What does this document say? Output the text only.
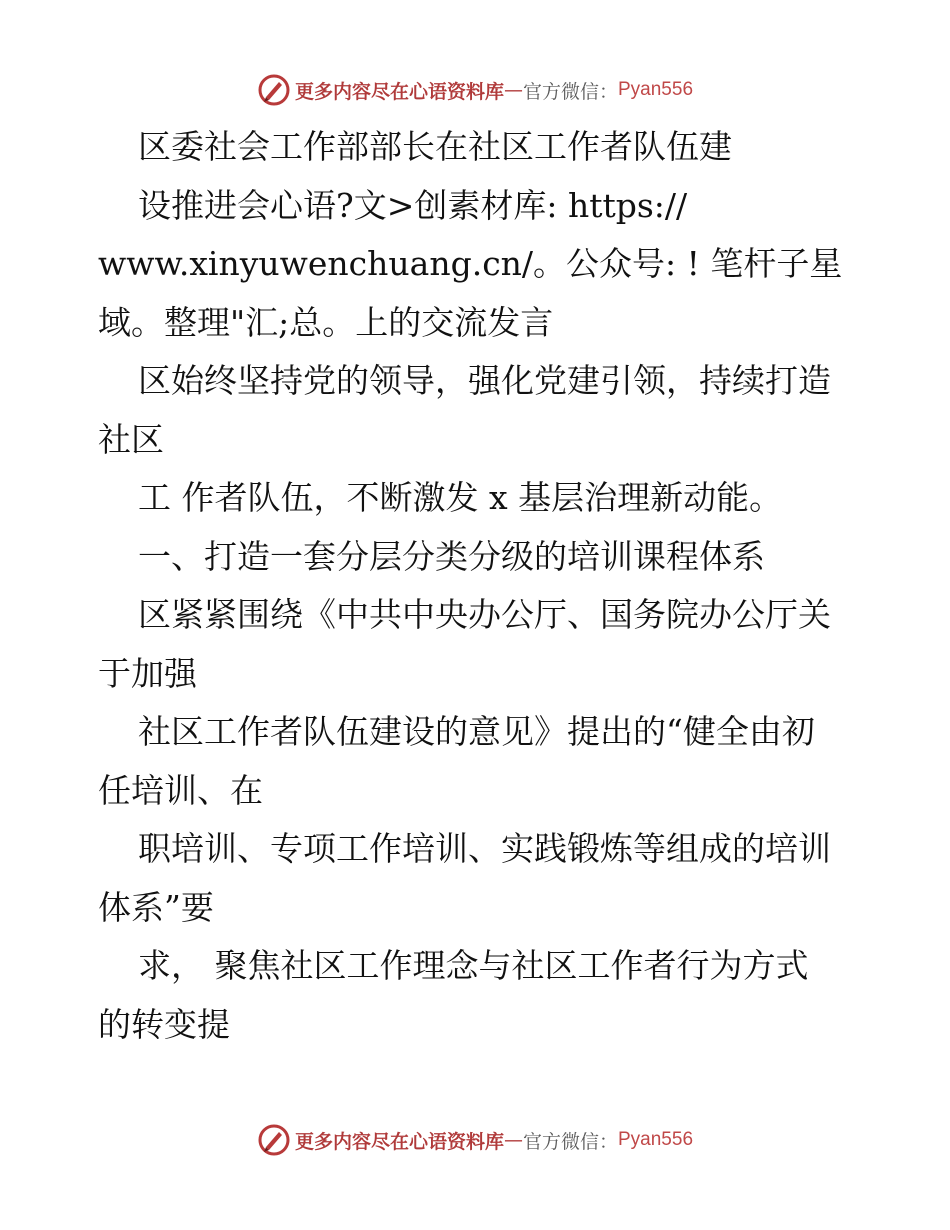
更多内容尽在心语资料库 — 官方微信： Pyan556
区委社会工作部部长在社区工作者队伍建
设推进会心语?文>创素材库: https://
www.xinyuwenchuang.cn/。公众号: ! 笔杆子星
域。整理"汇;总。上的交流发言
区始终坚持党的领导，强化党建引领，持续打造
社区
工 作者队伍，不断激发 x 基层治理新动能。
一、打造一套分层分类分级的培训课程体系
区紧紧围绕《中共中央办公厅、国务院办公厅关
于加强
社区工作者队伍建设的意见》提出的“健全由初
任培训、在
职培训、专项工作培训、实践锻炼等组成的培训
体系”要
求， 聚焦社区工作理念与社区工作者行为方式
的转变提
更多内容尽在心语资料库 — 官方微信： Pyan556
